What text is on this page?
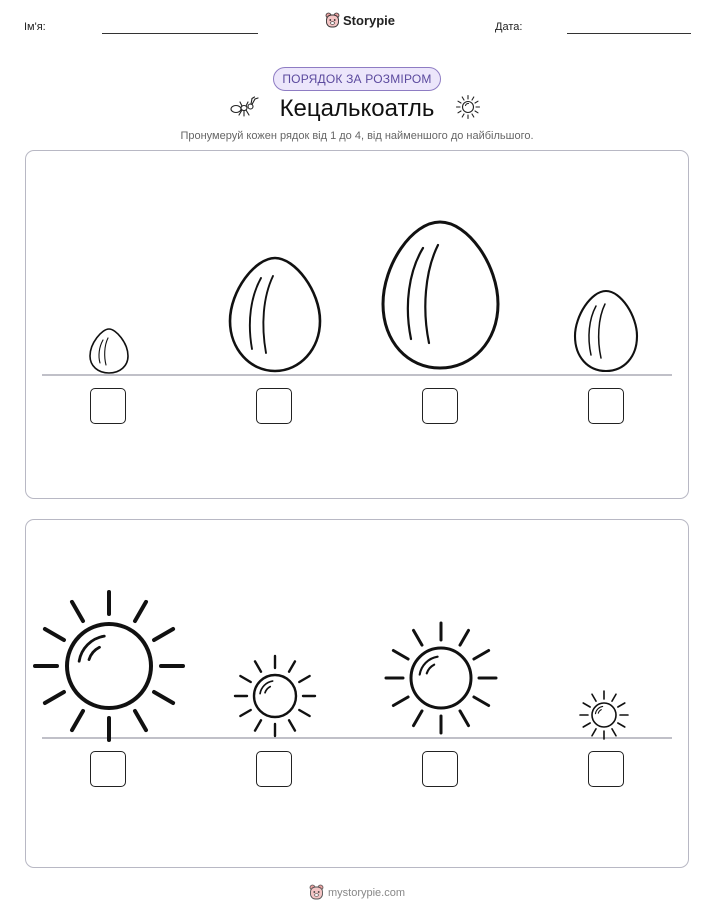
Ім'я:	Storypie	Дата:
ПОРЯДОК ЗА РОЗМІРОМ
Кецалькоатль
Пронумеруй кожен рядок від 1 до 4, від найменшого до найбільшого.
mystorypie.com
